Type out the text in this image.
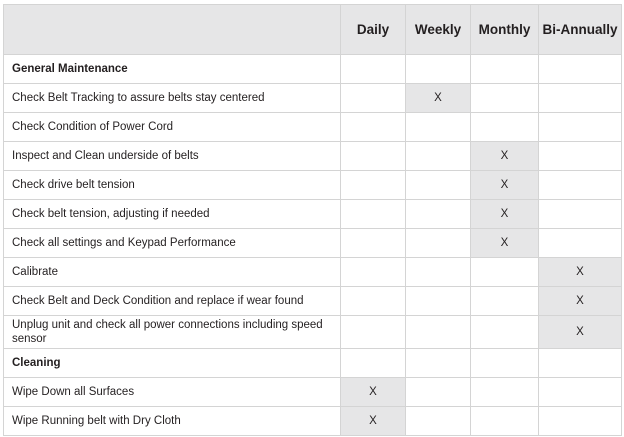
	Daily	Weekly	Monthly	Bi-Annually
General Maintenance				
Check Belt Tracking to assure belts stay centered		X		
Check Condition of Power Cord				
Inspect and Clean underside of belts			X	
Check drive belt tension			X	
Check belt tension, adjusting if needed			X	
Check all settings and Keypad Performance			X	
Calibrate				X
Check Belt and Deck Condition and replace if wear found				X
Unplug unit and check all power connections including speed sensor				X
Cleaning				
Wipe Down all Surfaces	X			
Wipe Running belt with Dry Cloth	X			
